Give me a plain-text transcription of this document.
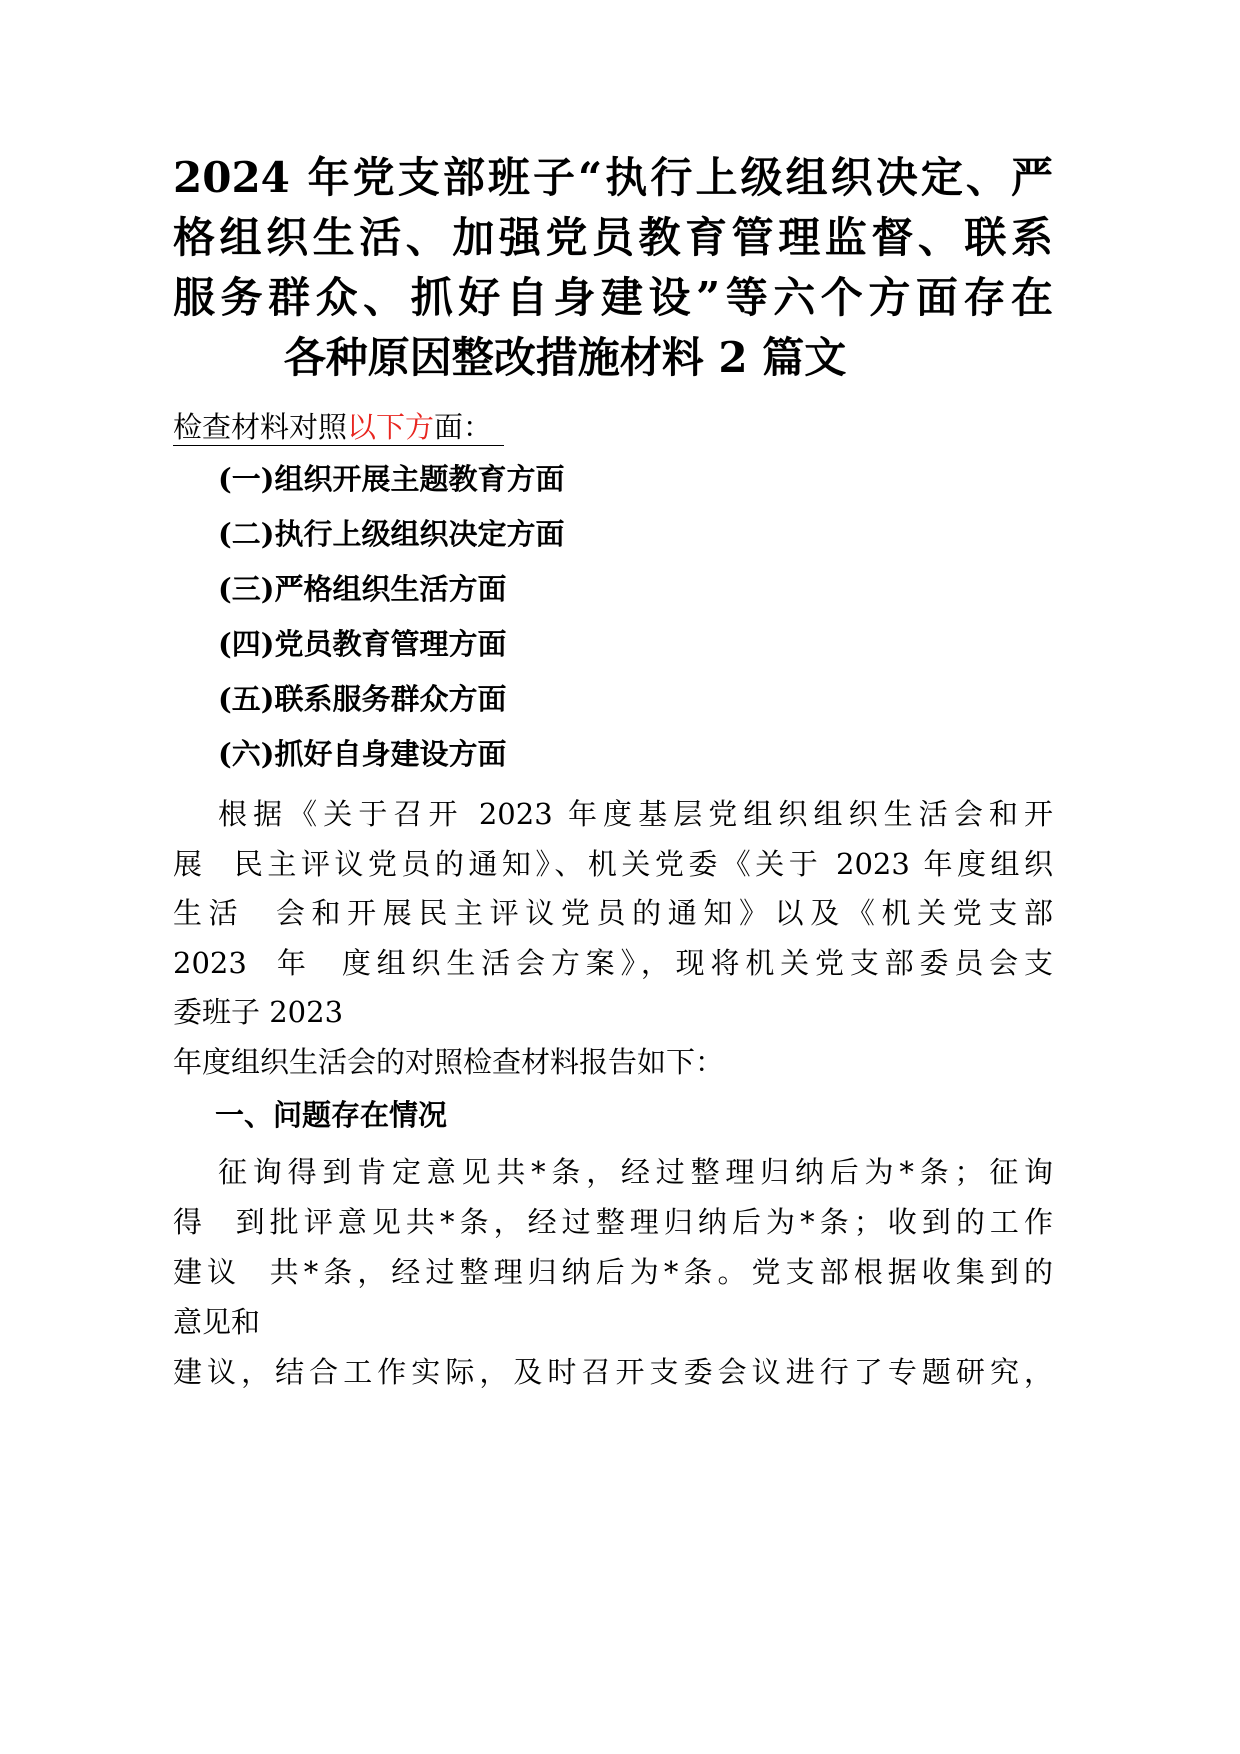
2024 年党支部班子“执行上级组织决定、严
格组织生活、加强党员教育管理监督、联系
服务群众、抓好自身建设”等六个方面存在
各种原因整改措施材料 2 篇文
检查材料对照以下方面：
(一)组织开展主题教育方面
(二)执行上级组织决定方面
(三)严格组织生活方面
(四)党员教育管理方面
(五)联系服务群众方面
(六)抓好自身建设方面
根据《关于召开 2023 年度基层党组织组织生活会和开
展  民主评议党员的通知》、机关党委《关于 2023 年度组织
生活  会和开展民主评议党员的通知》以及《机关党支部
2023  年  度组织生活会方案》，现将机关党支部委员会支
委班子 2023
年度组织生活会的对照检查材料报告如下：
一、问题存在情况
征询得到肯定意见共*条，经过整理归纳后为*条；征询
得  到批评意见共*条，经过整理归纳后为*条；收到的工作
建议  共*条，经过整理归纳后为*条。党支部根据收集到的
意见和
建议，结合工作实际，及时召开支委会议进行了专题研究，
